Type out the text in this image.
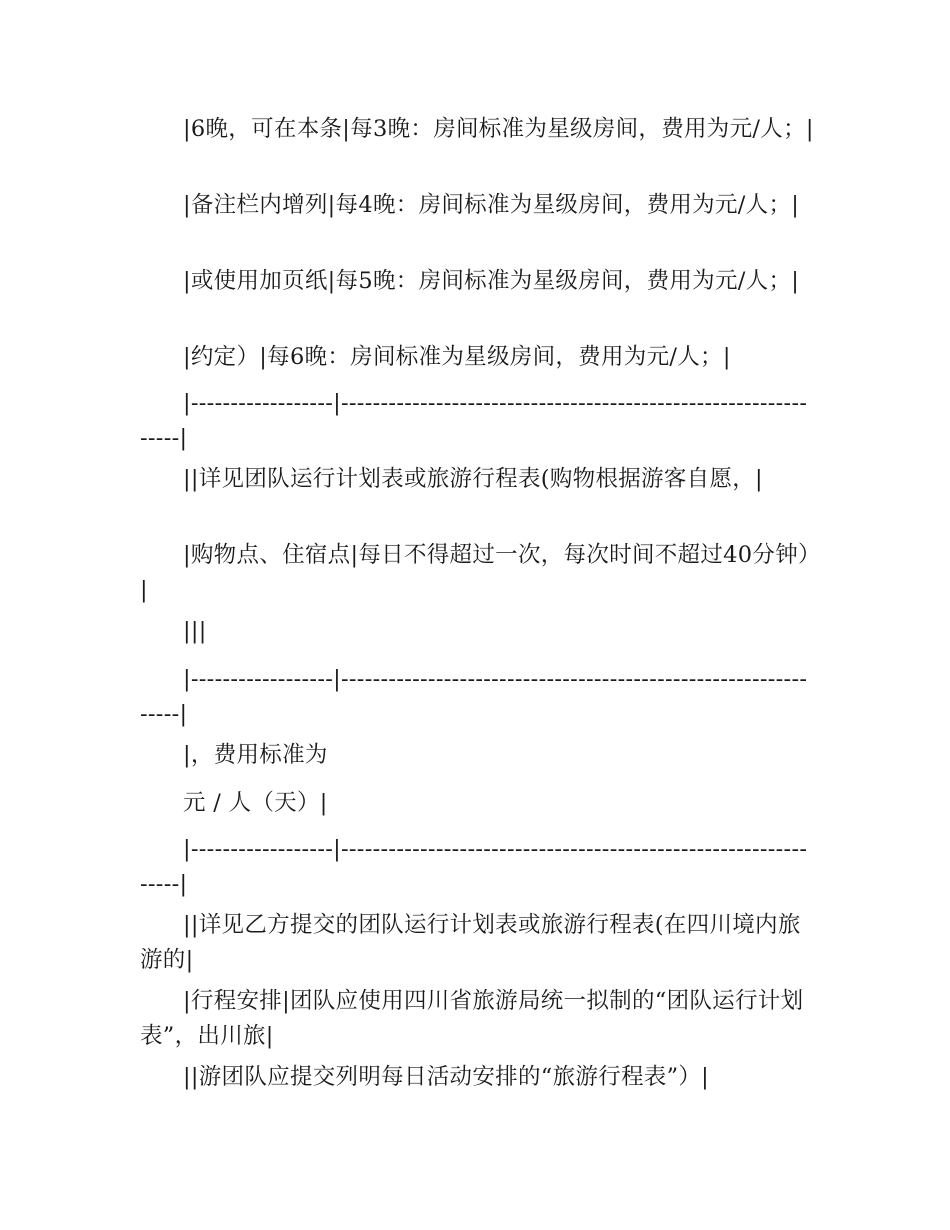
|6晚，可在本条|每3晚：房间标准为星级房间，费用为元/人；|

|备注栏内增列|每4晚：房间标准为星级房间，费用为元/人；|

|或使用加页纸|每5晚：房间标准为星级房间，费用为元/人；|

|约定）|每6晚：房间标准为星级房间，费用为元/人；|

|------------------|----------------------------------------------------------------|

||详见团队运行计划表或旅游行程表(购物根据游客自愿，|

|购物点、住宿点|每日不得超过一次，每次时间不超过40分钟）|

|||

|------------------|----------------------------------------------------------------|

|，费用标准为

元 / 人（天）|

|------------------|----------------------------------------------------------------|

||详见乙方提交的团队运行计划表或旅游行程表(在四川境内旅游的|

|行程安排|团队应使用四川省旅游局统一拟制的“团队运行计划表”，出川旅|

||游团队应提交列明每日活动安排的“旅游行程表”）|
